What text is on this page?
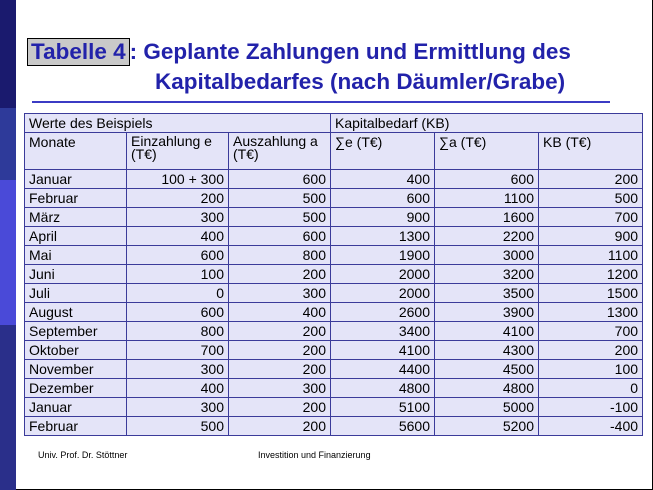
Tabelle 4 : Geplante Zahlungen und Ermittlung des
Kapitalbedarfes (nach Däumler/Grabe)
Werte des Beispiels			Kapitalbedarf (KB)		
Monate	Einzahlung e (T€)	Auszahlung a (T€)	∑e (T€)	∑a (T€)	KB (T€)
Januar	100 + 300	600	400	600	200
Februar	200	500	600	1100	500
März	300	500	900	1600	700
April	400	600	1300	2200	900
Mai	600	800	1900	3000	1100
Juni	100	200	2000	3200	1200
Juli	0	300	2000	3500	1500
August	600	400	2600	3900	1300
September	800	200	3400	4100	700
Oktober	700	200	4100	4300	200
November	300	200	4400	4500	100
Dezember	400	300	4800	4800	0
Januar	300	200	5100	5000	-100
Februar	500	200	5600	5200	-400
Univ. Prof. Dr. Stöttner	Investition und Finanzierung
